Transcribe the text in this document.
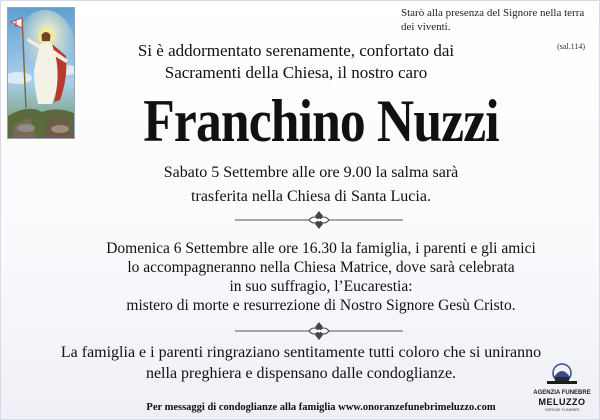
Starò alla presenza del Signore nella terra dei viventi.
(sal.114)
Si è addormentato serenamente, confortato dai
Sacramenti della Chiesa, il nostro caro
Franchino Nuzzi
Sabato 5 Settembre alle ore 9.00 la salma sarà
trasferita nella Chiesa di Santa Lucia.
Domenica 6 Settembre alle ore 16.30 la famiglia, i parenti e gli amici
lo accompagneranno nella Chiesa Matrice, dove sarà celebrata
in suo suffragio, l’Eucarestia:
mistero di morte e resurrezione di Nostro Signore Gesù Cristo.
La famiglia e i parenti ringraziano sentitamente tutti coloro che si uniranno
nella preghiera e dispensano dalle condoglianze.
Per messaggi di condoglianze alla famiglia www.onoranzefunebrimeluzzo.com
AGENZIA FUNEBRE
MELUZZO
SERVIZI FUNEBRI
